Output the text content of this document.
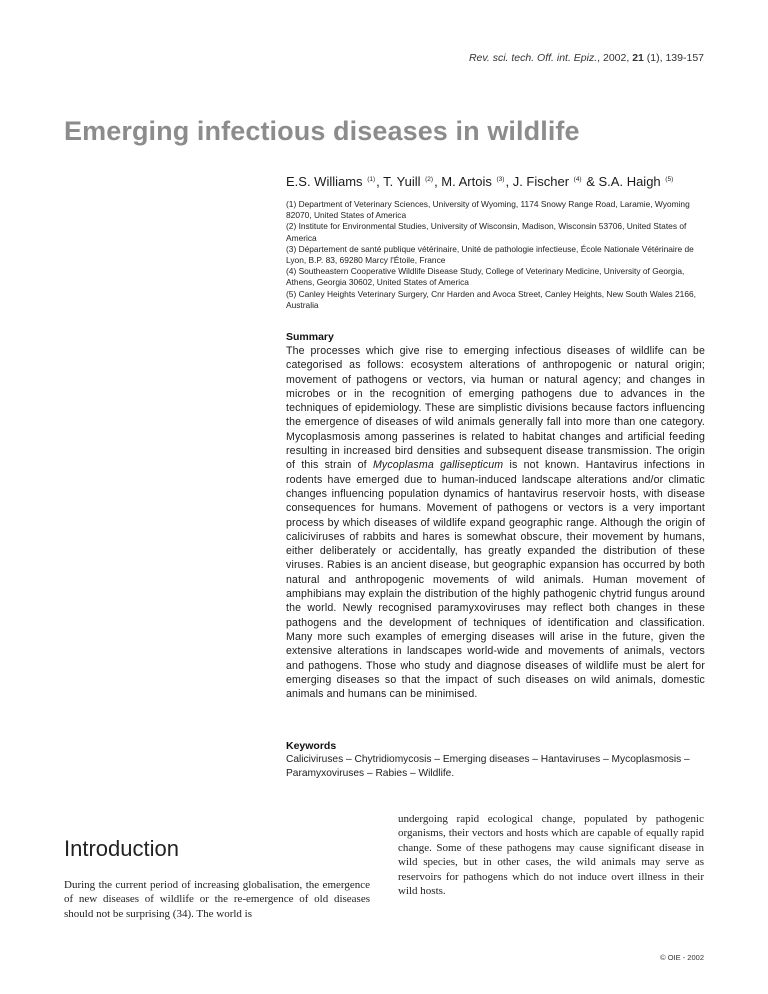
Rev. sci. tech. Off. int. Epiz., 2002, 21 (1), 139-157
Emerging infectious diseases in wildlife
E.S. Williams $^{(1)}$, T. Yuill $^{(2)}$, M. Artois $^{(3)}$, J. Fischer $^{(4)}$ & S.A. Haigh $^{(5)}$
(1) Department of Veterinary Sciences, University of Wyoming, 1174 Snowy Range Road, Laramie, Wyoming 82070, United States of America
(2) Institute for Environmental Studies, University of Wisconsin, Madison, Wisconsin 53706, United States of America
(3) Département de santé publique vétérinaire, Unité de pathologie infectieuse, École Nationale Vétérinaire de Lyon, B.P. 83, 69280 Marcy l'Étoile, France
(4) Southeastern Cooperative Wildlife Disease Study, College of Veterinary Medicine, University of Georgia, Athens, Georgia 30602, United States of America
(5) Canley Heights Veterinary Surgery, Cnr Harden and Avoca Street, Canley Heights, New South Wales 2166, Australia
Summary

The processes which give rise to emerging infectious diseases of wildlife can be categorised as follows: ecosystem alterations of anthropogenic or natural origin; movement of pathogens or vectors, via human or natural agency; and changes in microbes or in the recognition of emerging pathogens due to advances in the techniques of epidemiology. These are simplistic divisions because factors influencing the emergence of diseases of wild animals generally fall into more than one category. Mycoplasmosis among passerines is related to habitat changes and artificial feeding resulting in increased bird densities and subsequent disease transmission. The origin of this strain of Mycoplasma gallisepticum is not known. Hantavirus infections in rodents have emerged due to human-induced landscape alterations and/or climatic changes influencing population dynamics of hantavirus reservoir hosts, with disease consequences for humans. Movement of pathogens or vectors is a very important process by which diseases of wildlife expand geographic range. Although the origin of caliciviruses of rabbits and hares is somewhat obscure, their movement by humans, either deliberately or accidentally, has greatly expanded the distribution of these viruses. Rabies is an ancient disease, but geographic expansion has occurred by both natural and anthropogenic movements of wild animals. Human movement of amphibians may explain the distribution of the highly pathogenic chytrid fungus around the world. Newly recognised paramyxoviruses may reflect both changes in these pathogens and the development of techniques of identification and classification. Many more such examples of emerging diseases will arise in the future, given the extensive alterations in landscapes world-wide and movements of animals, vectors and pathogens. Those who study and diagnose diseases of wildlife must be alert for emerging diseases so that the impact of such diseases on wild animals, domestic animals and humans can be minimised.

Keywords

Caliciviruses – Chytridiomycosis – Emerging diseases – Hantaviruses – Mycoplasmosis – Paramyxoviruses – Rabies – Wildlife.

Introduction

During the current period of increasing globalisation, the emergence of new diseases of wildlife or the re-emergence of old diseases should not be surprising (34). The world is

undergoing rapid ecological change, populated by pathogenic organisms, their vectors and hosts which are capable of equally rapid change. Some of these pathogens may cause significant disease in wild species, but in other cases, the wild animals may serve as reservoirs for pathogens which do not induce overt illness in their wild hosts.

© OIE - 2002
